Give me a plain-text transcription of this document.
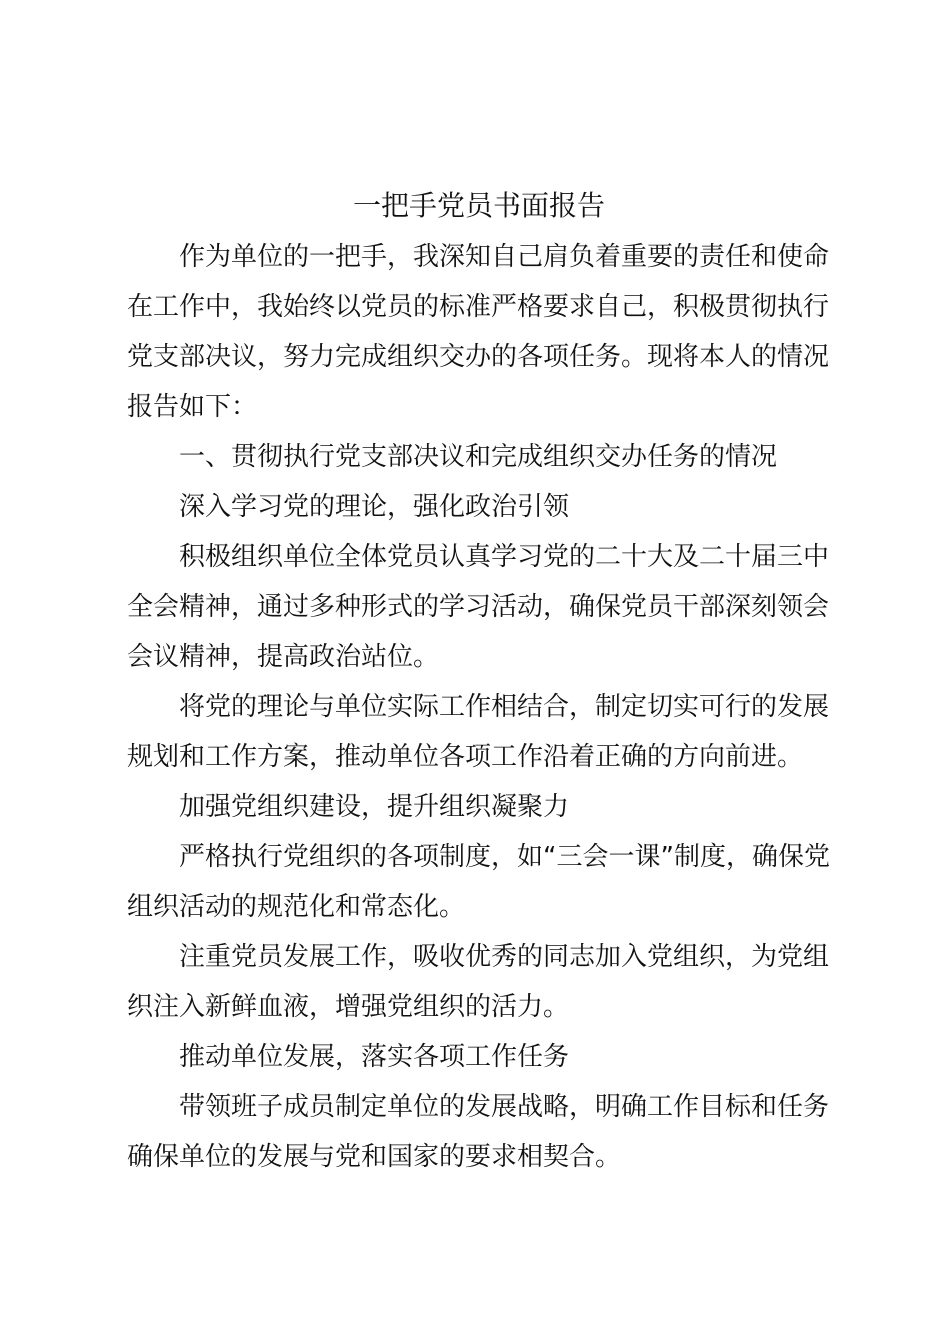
一把手党员书面报告

作为单位的一把手，我深知自己肩负着重要的责任和使命在工作中，我始终以党员的标准严格要求自己，积极贯彻执行党支部决议，努力完成组织交办的各项任务。现将本人的情况报告如下：

一、贯彻执行党支部决议和完成组织交办任务的情况

深入学习党的理论，强化政治引领

积极组织单位全体党员认真学习党的二十大及二十届三中全会精神，通过多种形式的学习活动，确保党员干部深刻领会会议精神，提高政治站位。

将党的理论与单位实际工作相结合，制定切实可行的发展规划和工作方案，推动单位各项工作沿着正确的方向前进。

加强党组织建设，提升组织凝聚力

严格执行党组织的各项制度，如“三会一课”制度，确保党组织活动的规范化和常态化。

注重党员发展工作，吸收优秀的同志加入党组织，为党组织注入新鲜血液，增强党组织的活力。

推动单位发展，落实各项工作任务

带领班子成员制定单位的发展战略，明确工作目标和任务确保单位的发展与党和国家的要求相契合。
